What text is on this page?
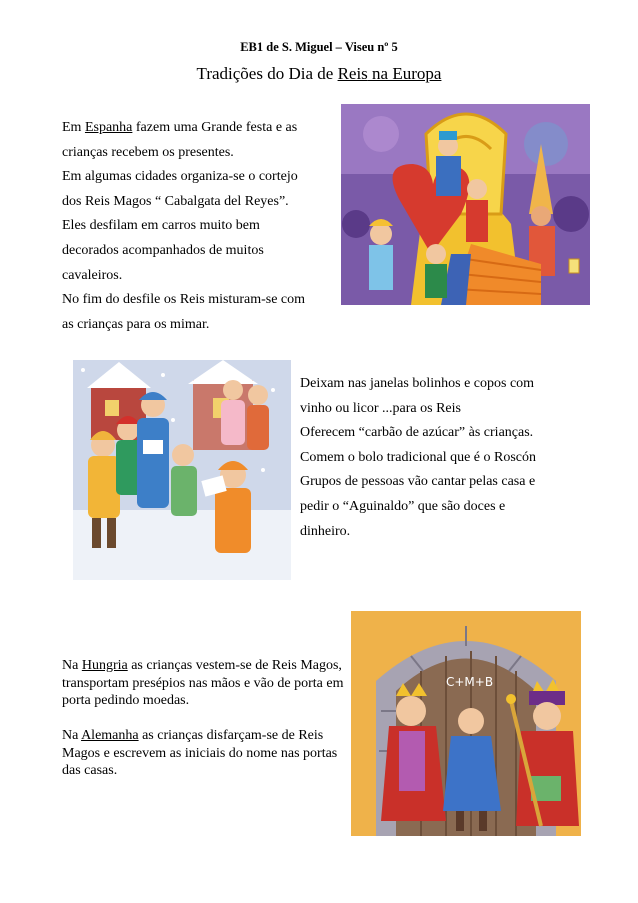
EB1 de S. Miguel – Viseu nº 5
Tradições do Dia de Reis na Europa
Em Espanha fazem uma Grande festa e as
crianças recebem os presentes.
Em algumas cidades organiza-se o cortejo
dos Reis Magos “ Cabalgata del Reyes”.
Eles desfilam em carros muito bem
decorados acompanhados de muitos
cavaleiros.
No fim do desfile os Reis misturam-se com
as crianças para os mimar.
Deixam nas janelas bolinhos e copos com
vinho ou licor ...para os Reis
Oferecem “carbão de azúcar” às crianças.
Comem o bolo tradicional que é o Roscón
Grupos de pessoas vão cantar pelas casa e
pedir o “Aguinaldo” que são doces e
dinheiro.
Na Hungria as crianças vestem-se de Reis Magos, transportam presépios nas mãos e vão de porta em porta pedindo moedas.
Na Alemanha as crianças disfarçam-se de Reis Magos e escrevem as iniciais do nome nas portas das casas.
C+M+B
